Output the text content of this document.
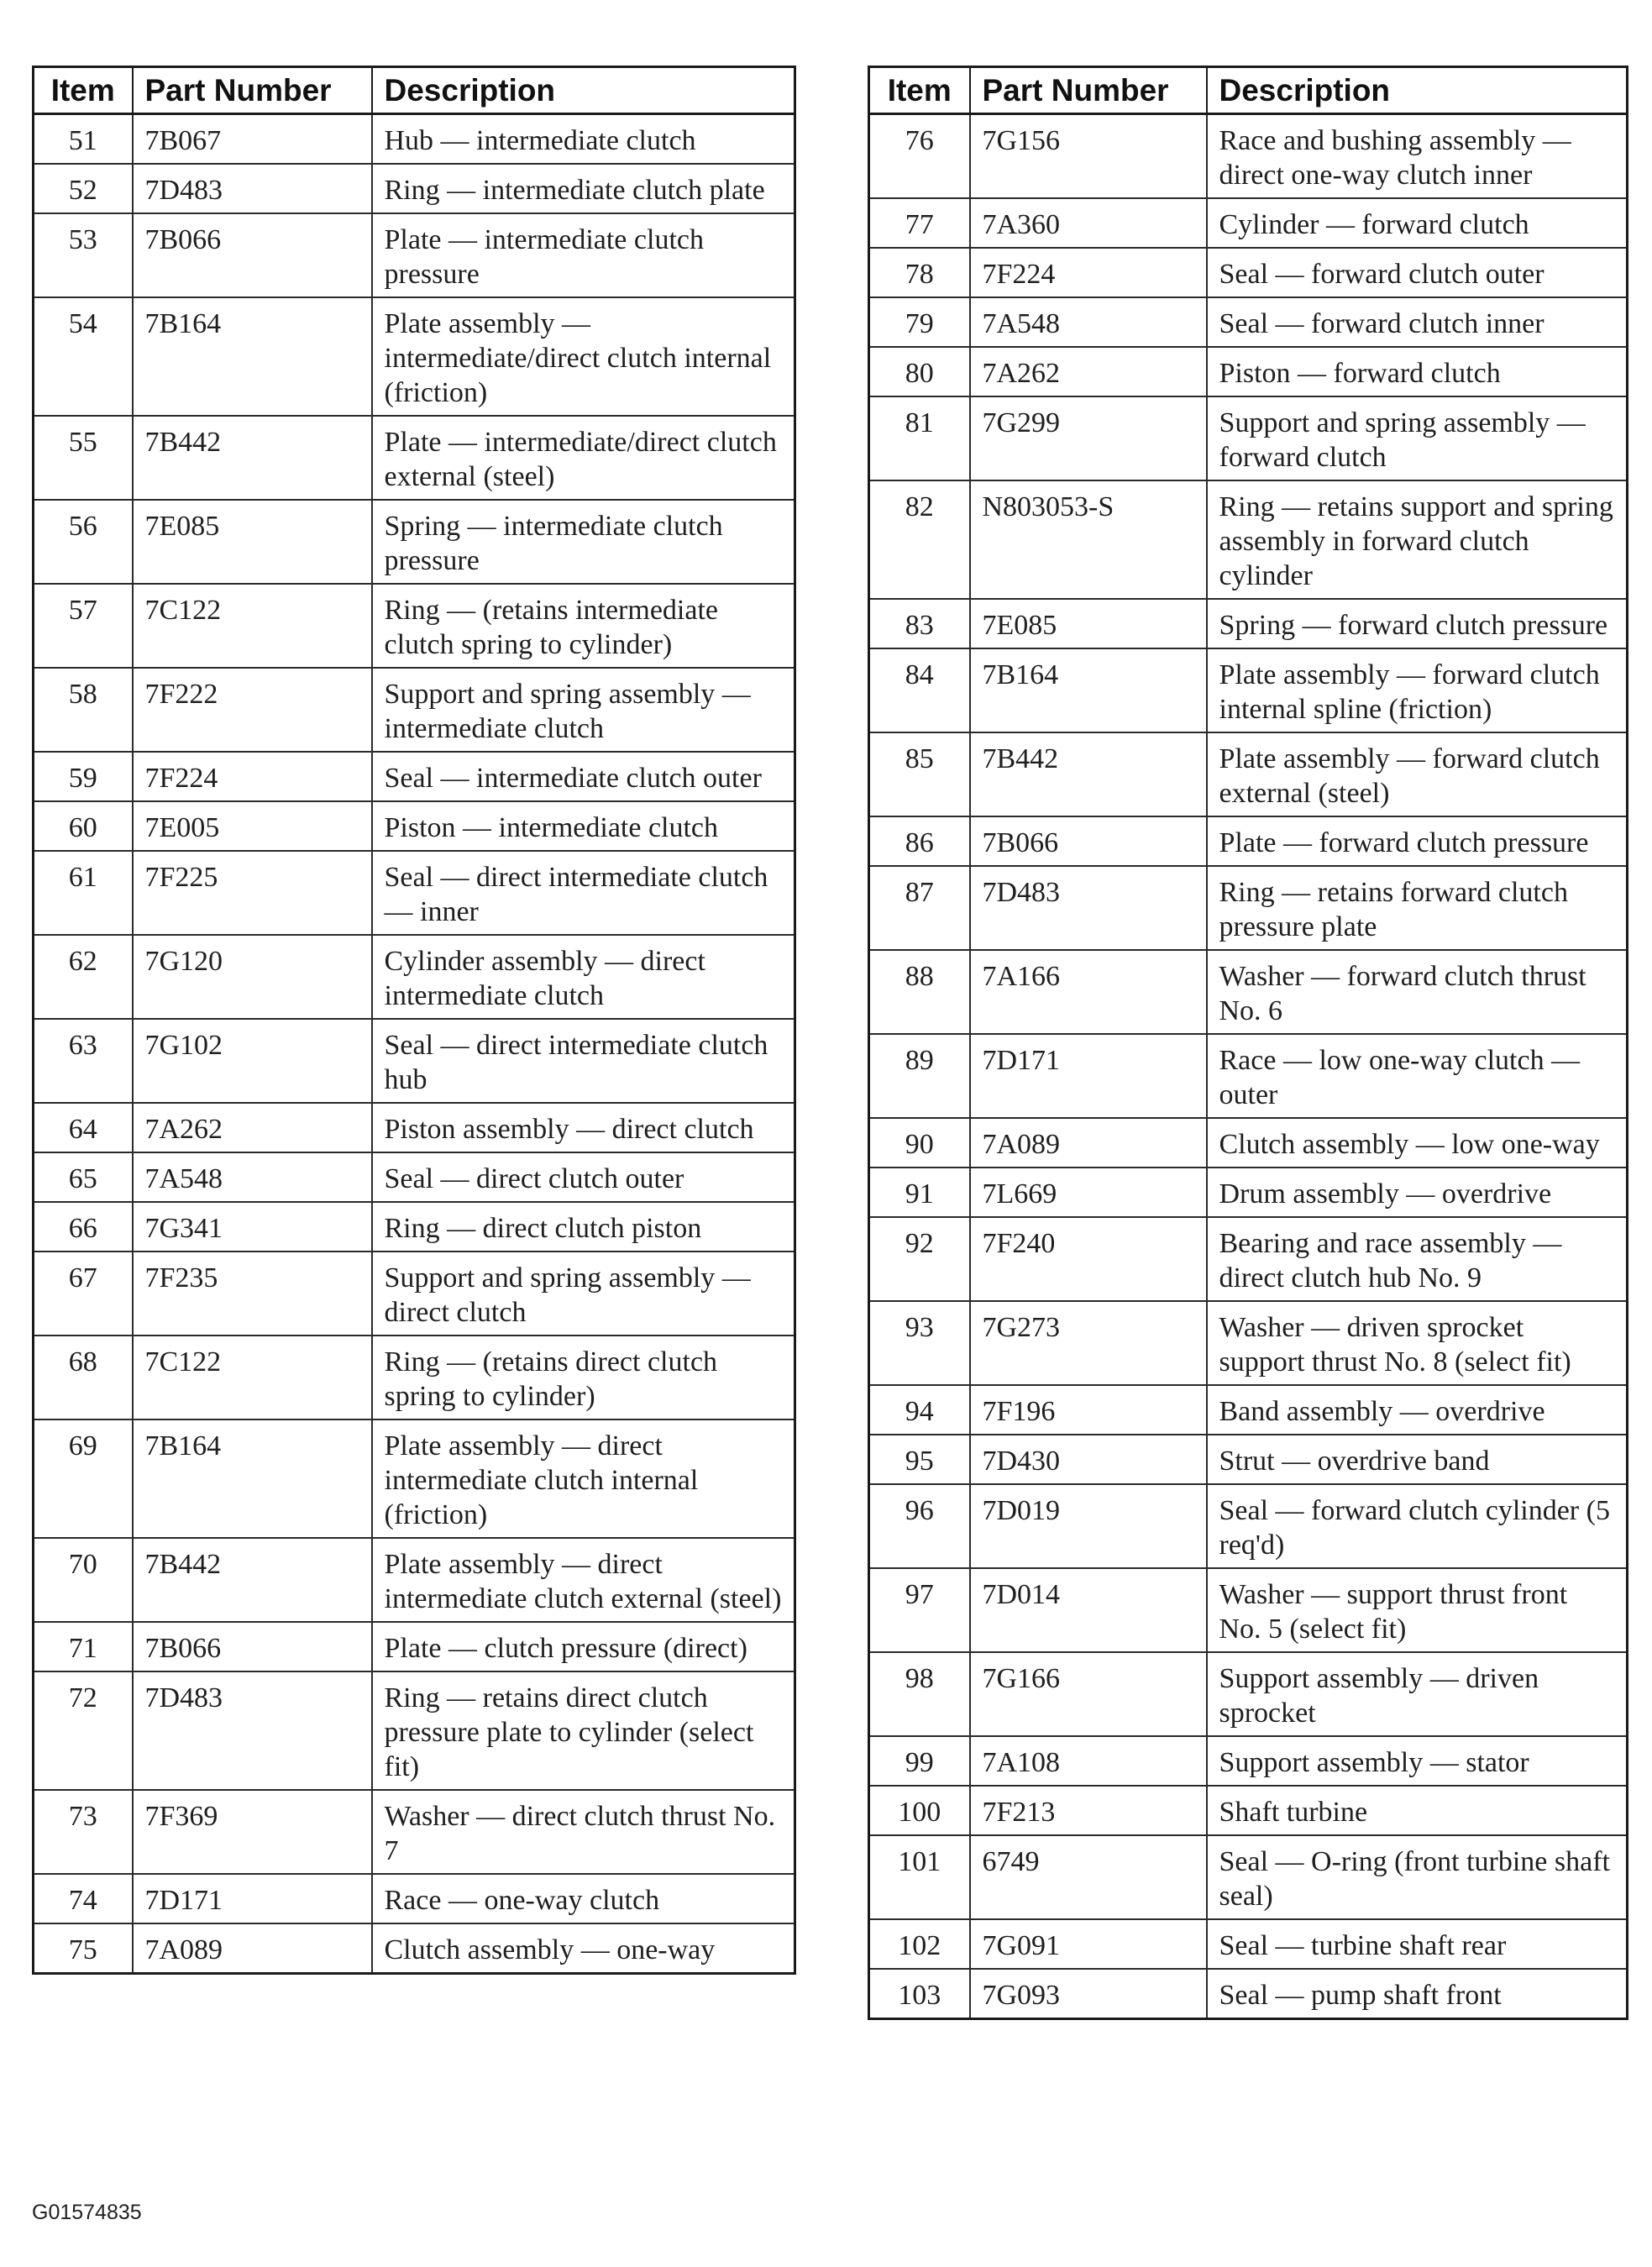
Item	Part Number	Description
51	7B067	Hub — intermediate clutch
52	7D483	Ring — intermediate clutch plate
53	7B066	Plate — intermediate clutch pressure
54	7B164	Plate assembly — intermediate/direct clutch internal (friction)
55	7B442	Plate — intermediate/direct clutch external (steel)
56	7E085	Spring — intermediate clutch pressure
57	7C122	Ring — (retains intermediate clutch spring to cylinder)
58	7F222	Support and spring assembly — intermediate clutch
59	7F224	Seal — intermediate clutch outer
60	7E005	Piston — intermediate clutch
61	7F225	Seal — direct intermediate clutch — inner
62	7G120	Cylinder assembly — direct intermediate clutch
63	7G102	Seal — direct intermediate clutch hub
64	7A262	Piston assembly — direct clutch
65	7A548	Seal — direct clutch outer
66	7G341	Ring — direct clutch piston
67	7F235	Support and spring assembly — direct clutch
68	7C122	Ring — (retains direct clutch spring to cylinder)
69	7B164	Plate assembly — direct intermediate clutch internal (friction)
70	7B442	Plate assembly — direct intermediate clutch external (steel)
71	7B066	Plate — clutch pressure (direct)
72	7D483	Ring — retains direct clutch pressure plate to cylinder (select fit)
73	7F369	Washer — direct clutch thrust No. 7
74	7D171	Race — one-way clutch
75	7A089	Clutch assembly — one-way
Item	Part Number	Description
76	7G156	Race and bushing assembly — direct one-way clutch inner
77	7A360	Cylinder — forward clutch
78	7F224	Seal — forward clutch outer
79	7A548	Seal — forward clutch inner
80	7A262	Piston — forward clutch
81	7G299	Support and spring assembly — forward clutch
82	N803053-S	Ring — retains support and spring assembly in forward clutch cylinder
83	7E085	Spring — forward clutch pressure
84	7B164	Plate assembly — forward clutch internal spline (friction)
85	7B442	Plate assembly — forward clutch external (steel)
86	7B066	Plate — forward clutch pressure
87	7D483	Ring — retains forward clutch pressure plate
88	7A166	Washer — forward clutch thrust No. 6
89	7D171	Race — low one-way clutch — outer
90	7A089	Clutch assembly — low one-way
91	7L669	Drum assembly — overdrive
92	7F240	Bearing and race assembly — direct clutch hub No. 9
93	7G273	Washer — driven sprocket support thrust No. 8 (select fit)
94	7F196	Band assembly — overdrive
95	7D430	Strut — overdrive band
96	7D019	Seal — forward clutch cylinder (5 req'd)
97	7D014	Washer — support thrust front No. 5 (select fit)
98	7G166	Support assembly — driven sprocket
99	7A108	Support assembly — stator
100	7F213	Shaft turbine
101	6749	Seal — O-ring (front turbine shaft seal)
102	7G091	Seal — turbine shaft rear
103	7G093	Seal — pump shaft front
G01574835
